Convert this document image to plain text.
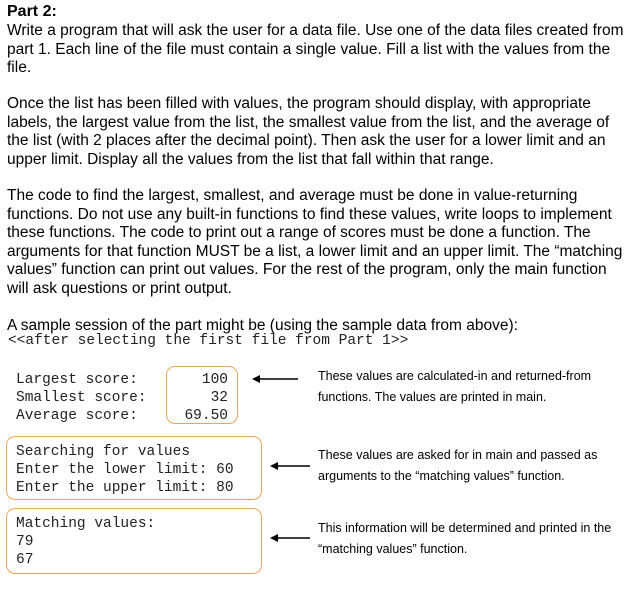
Part 2:

Write a program that will ask the user for a data file. Use one of the data files created from part 1. Each line of the file must contain a single value. Fill a list with the values from the file.

Once the list has been filled with values, the program should display, with appropriate labels, the largest value from the list, the smallest value from the list, and the average of the list (with 2 places after the decimal point). Then ask the user for a lower limit and an upper limit. Display all the values from the list that fall within that range.

The code to find the largest, smallest, and average must be done in value-returning functions. Do not use any built-in functions to find these values, write loops to implement these functions. The code to print out a range of scores must be done a function. The arguments for that function MUST be a list, a lower limit and an upper limit. The “matching values” function can print out values. For the rest of the program, only the main function will ask questions or print output.

A sample session of the part might be (using the sample data from above):

<<after selecting the first file from Part 1>>
Largest score:
Smallest score:
Average score:
100
32
69.50
Searching for values
Enter the lower limit: 60
Enter the upper limit: 80
Matching values:
79
67
These values are calculated-in and returned-from functions. The values are printed in main.
These values are asked for in main and passed as arguments to the “matching values” function.
This information will be determined and printed in the “matching values” function.
